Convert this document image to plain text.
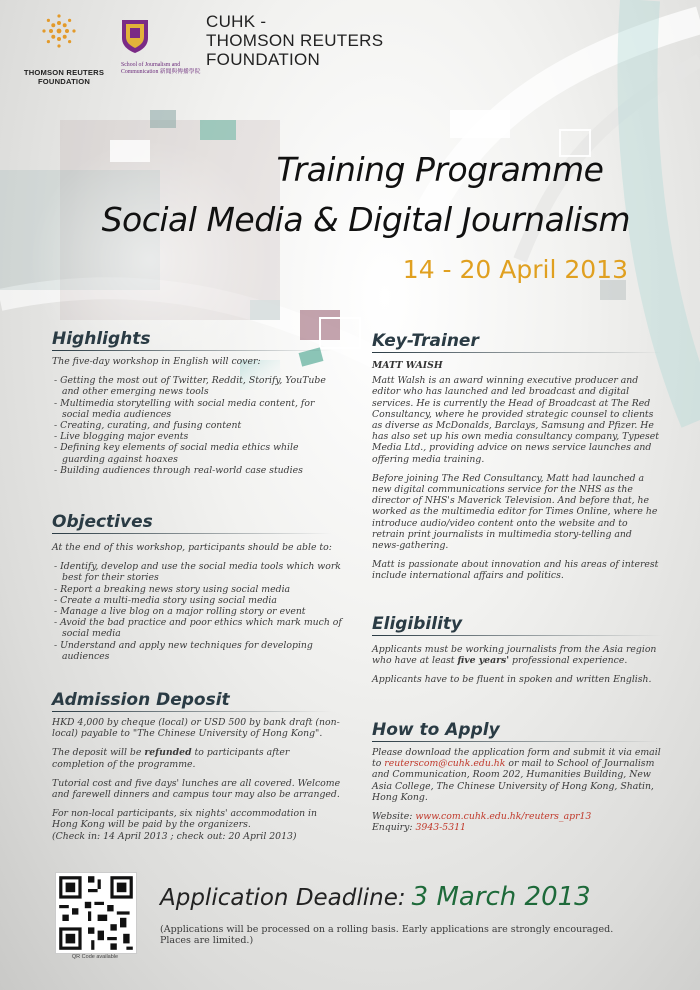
THOMSON REUTERS FOUNDATION
School of Journalism and Communication 新聞與傳播學院
CUHK -
THOMSON REUTERS
FOUNDATION
Training Programme
Social Media & Digital Journalism
14 - 20 April 2013
Highlights

The five-day workshop in English will cover:

- Getting the most out of Twitter, Reddit, Storify, YouTube and other emerging news tools
- Multimedia storytelling with social media content, for social media audiences
- Creating, curating, and fusing content
- Live blogging major events
- Defining key elements of social media ethics while guarding against hoaxes
- Building audiences through real-world case studies
Objectives

At the end of this workshop, participants should be able to:

- Identify, develop and use the social media tools which work best for their stories
- Report a breaking news story using social media
- Create a multi-media story using social media
- Manage a live blog on a major rolling story or event
- Avoid the bad practice and poor ethics which mark much of social media
- Understand and apply new techniques for developing audiences
Admission Deposit

HKD 4,000 by cheque (local) or USD 500 by bank draft (non-local) payable to "The Chinese University of Hong Kong".

The deposit will be refunded to participants after completion of the programme.

Tutorial cost and five days' lunches are all covered. Welcome and farewell dinners and campus tour may also be arranged.

For non-local participants, six nights' accommodation in Hong Kong will be paid by the organizers.
(Check in: 14 April 2013 ; check out: 20 April 2013)

Key-Trainer

MATT WAISH

Matt Walsh is an award winning executive producer and editor who has launched and led broadcast and digital services. He is currently the Head of Broadcast at The Red Consultancy, where he provided strategic counsel to clients as diverse as McDonalds, Barclays, Samsung and Pfizer. He has also set up his own media consultancy company, Typeset Media Ltd., providing advice on news service launches and offering media training.

Before joining The Red Consultancy, Matt had launched a new digital communications service for the NHS as the director of NHS's Maverick Television. And before that, he worked as the multimedia editor for Times Online, where he introduce audio/video content onto the website and to retrain print journalists in multimedia story-telling and news-gathering.

Matt is passionate about innovation and his areas of interest include international affairs and politics.

Eligibility

Applicants must be working journalists from the Asia region who have at least five years' professional experience.

Applicants have to be fluent in spoken and written English.

How to Apply

Please download the application form and submit it via email to reuterscom@cuhk.edu.hk or mail to School of Journalism and Communication, Room 202, Humanities Building, New Asia College, The Chinese University of Hong Kong, Shatin, Hong Kong.

Website: www.com.cuhk.edu.hk/reuters_apr13
Enquiry: 3943-5311

Application Deadline: 3 March 2013
(Applications will be processed on a rolling basis. Early applications are strongly encouraged. Places are limited.)
QR Code available
